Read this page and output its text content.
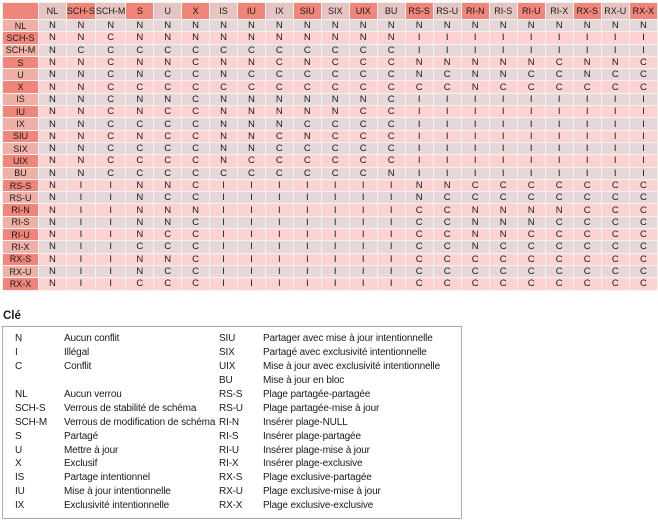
	NL	SCH-S	SCH-M	S	U	X	IS	IU	IX	SIU	SIX	UIX	BU	RS-S	RS-U	RI-N	RI-S	RI-U	RI-X	RX-S	RX-U	RX-X
NL	N	N	N	N	N	N	N	N	N	N	N	N	N	N	N	N	N	N	N	N	N	N
SCH-S	N	N	C	N	N	N	N	N	N	N	N	N	N	I	I	I	I	I	I	I	I	I
SCH-M	N	C	C	C	C	C	C	C	C	C	C	C	C	I	I	I	I	I	I	I	I	I
S	N	N	C	N	N	C	N	N	C	N	C	C	C	N	N	N	N	N	C	N	N	C
U	N	N	C	N	C	C	N	C	C	C	C	C	C	N	C	N	N	C	C	N	C	C
X	N	N	C	C	C	C	C	C	C	C	C	C	C	C	C	N	C	C	C	C	C	C
IS	N	N	C	N	N	C	N	N	N	N	N	N	C	I	I	I	I	I	I	I	I	I
IU	N	N	C	N	C	C	N	N	N	N	N	C	C	I	I	I	I	I	I	I	I	I
IX	N	N	C	C	C	C	N	N	N	C	C	C	C	I	I	I	I	I	I	I	I	I
SIU	N	N	C	N	C	C	N	N	C	N	C	C	C	I	I	I	I	I	I	I	I	I
SIX	N	N	C	C	C	C	N	N	C	C	C	C	C	I	I	I	I	I	I	I	I	I
UIX	N	N	C	C	C	C	N	C	C	C	C	C	C	I	I	I	I	I	I	I	I	I
BU	N	N	C	C	C	C	C	C	C	C	C	C	N	I	I	I	I	I	I	I	I	I
RS-S	N	I	I	N	N	C	I	I	I	I	I	I	I	N	N	C	C	C	C	C	C	C
RS-U	N	I	I	N	C	C	I	I	I	I	I	I	I	N	C	C	C	C	C	C	C	C
RI-N	N	I	I	N	N	N	I	I	I	I	I	I	I	C	C	N	N	N	N	C	C	C
RI-S	N	I	I	N	N	C	I	I	I	I	I	I	I	C	C	N	N	N	C	C	C	C
RI-U	N	I	I	N	C	C	I	I	I	I	I	I	I	C	C	N	N	C	C	C	C	C
RI-X	N	I	I	C	C	C	I	I	I	I	I	I	I	C	C	N	C	C	C	C	C	C
RX-S	N	I	I	N	N	C	I	I	I	I	I	I	I	C	C	C	C	C	C	C	C	C
RX-U	N	I	I	N	C	C	I	I	I	I	I	I	I	C	C	C	C	C	C	C	C	C
RX-X	N	I	I	C	C	C	I	I	I	I	I	I	I	C	C	C	C	C	C	C	C	C
Clé
N	Aucun conflit	SIU	Partager avec mise à jour intentionnelle
I	Illégal	SIX	Partagé avec exclusivité intentionnelle
C	Conflit	UIX	Mise à jour avec exclusivité intentionnelle
		BU	Mise à jour en bloc
NL	Aucun verrou	RS-S	Plage partagée-partagée
SCH-S	Verrous de stabilité de schéma	RS-U	Plage partagée-mise à jour
SCH-M	Verrous de modification de schéma	RI-N	Insérer plage-NULL
S	Partagé	RI-S	Insérer plage-partagée
U	Mettre à jour	RI-U	Insérer plage-mise à jour
X	Exclusif	RI-X	Insérer plage-exclusive
IS	Partage intentionnel	RX-S	Plage exclusive-partagée
IU	Mise à jour intentionnelle	RX-U	Plage exclusive-mise à jour
IX	Exclusivité intentionnelle	RX-X	Plage exclusive-exclusive
